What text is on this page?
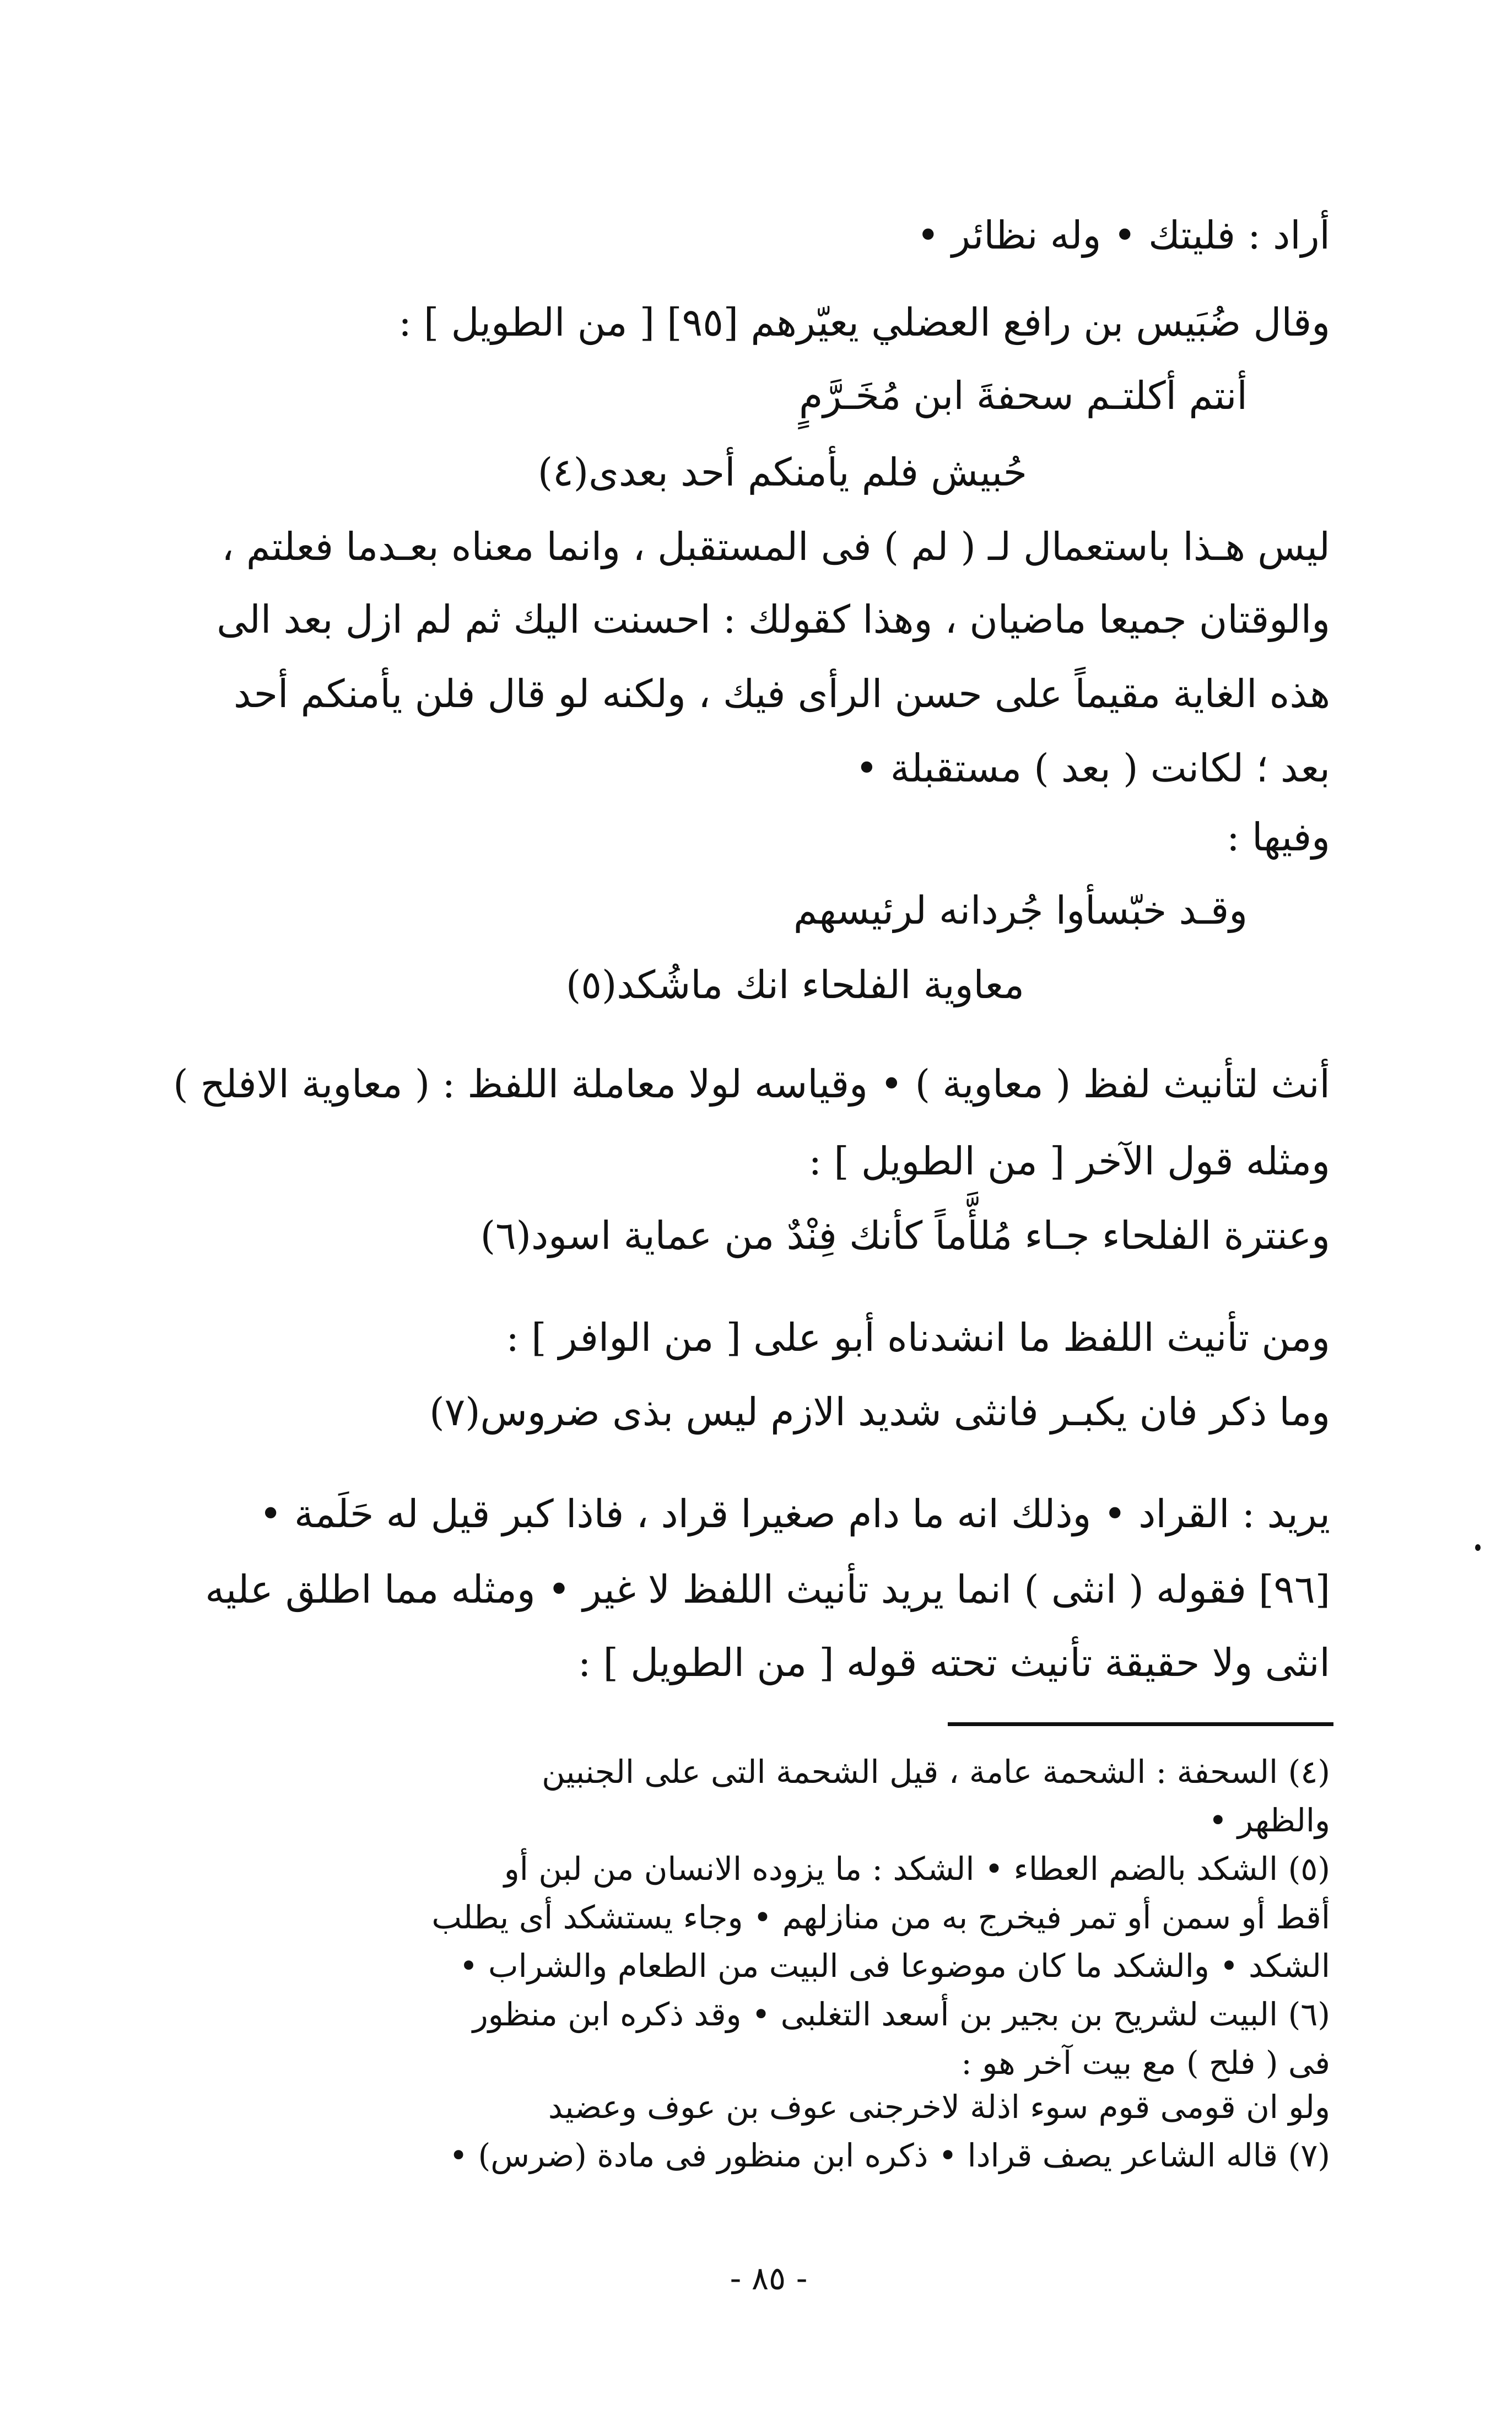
أراد : فليتك • وله نظائر •
وقال ضُبَيس بن رافع العضلي يعيّرهم [٩٥] [ من الطويل ] :
أنتم أكلتـم سحفةَ ابن مُخَـرَّمٍ
حُبيش فلم يأمنكم أحد بعدى(٤)
ليس هـذا باستعمال لـ ( لم ) فى المستقبل ، وانما معناه بعـدما فعلتم ،
والوقتان جميعا ماضيان ، وهذا كقولك : احسنت اليك ثم لم ازل بعد الى
هذه الغاية مقيماً على حسن الرأى فيك ، ولكنه لو قال فلن يأمنكم أحد
بعد ؛ لكانت ( بعد ) مستقبلة •
وفيها :
وقـد خبّسأوا جُردانه لرئيسهم
معاوية الفلحاء انك ماشُكد(٥)
أنث لتأنيث لفظ ( معاوية ) • وقياسه لولا معاملة اللفظ : ( معاوية الافلح )
ومثله قول الآخر [ من الطويل ] :
وعنترة الفلحاء جـاء مُلأَّماً كأنك فِنْدٌ من عماية اسود(٦)
ومن تأنيث اللفظ ما انشدناه أبو على [ من الوافر ] :
وما ذكر فان يكبـر فانثى شديد الازم ليس بذى ضروس(٧)
يريد : القراد • وذلك انه ما دام صغيرا قراد ، فاذا كبر قيل له حَلَمة •
[٩٦] فقوله ( انثى ) انما يريد تأنيث اللفظ لا غير • ومثله مما اطلق عليه
انثى ولا حقيقة تأنيث تحته قوله [ من الطويل ] :
(٤) السحفة : الشحمة عامة ، قيل الشحمة التى على الجنبين
والظهر •
(٥) الشكد بالضم العطاء • الشكد : ما يزوده الانسان من لبن أو
أقط أو سمن أو تمر فيخرج به من منازلهم • وجاء يستشكد أى يطلب
الشكد • والشكد ما كان موضوعا فى البيت من الطعام والشراب •
(٦) البيت لشريح بن بجير بن أسعد التغلبى • وقد ذكره ابن منظور
فى ( فلح ) مع بيت آخر هو :
ولو ان قومى قوم سوء اذلة لاخرجنى عوف بن عوف وعضيد
(٧) قاله الشاعر يصف قرادا • ذكره ابن منظور فى مادة (ضرس) •
- ٨٥ -
